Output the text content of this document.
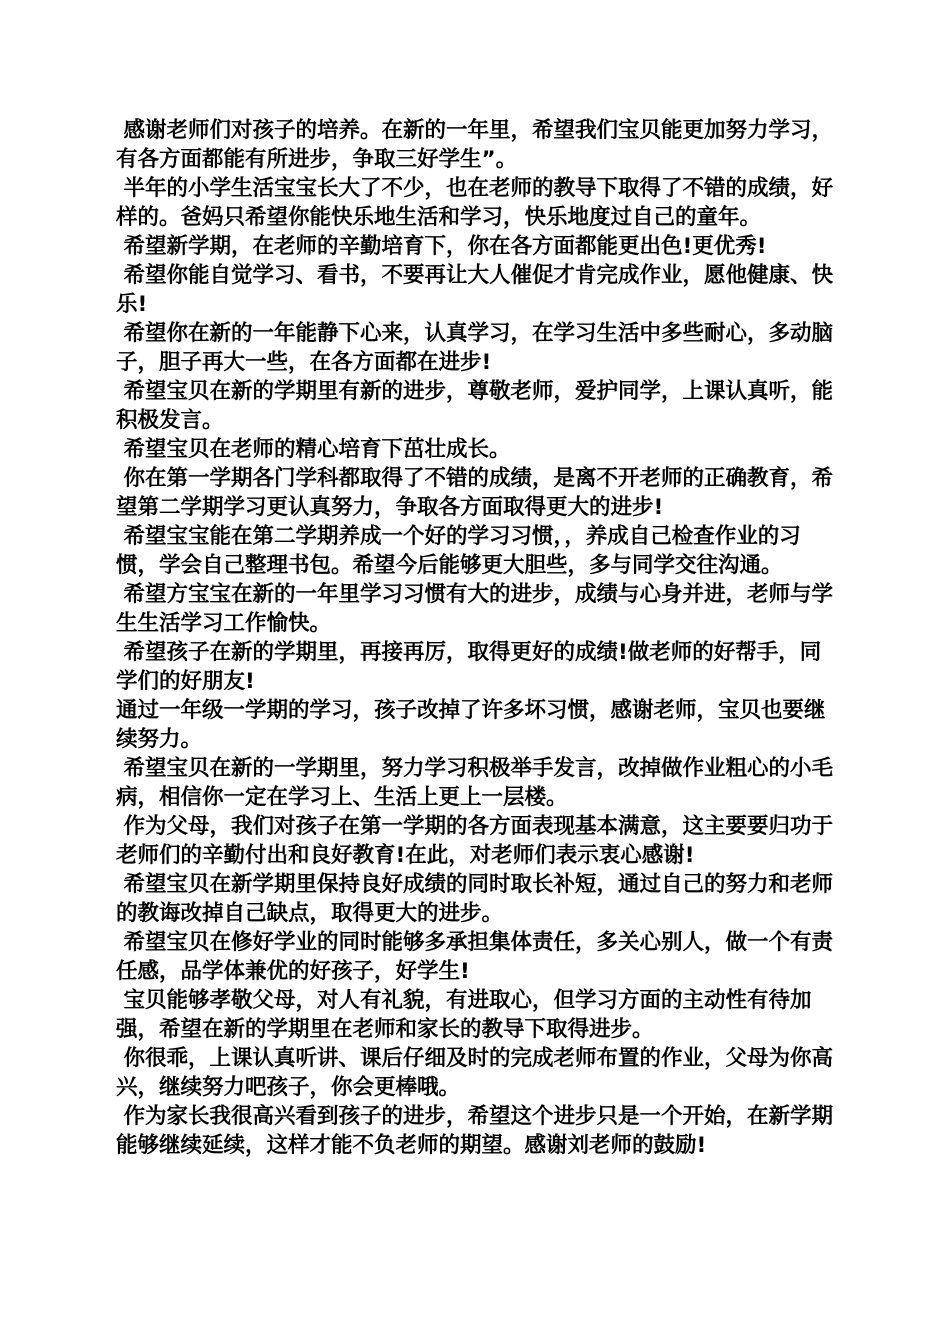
感谢老师们对孩子的培养。在新的一年里，希望我们宝贝能更加努力学习，有各方面都能有所进步，争取三好学生”。

半年的小学生活宝宝长大了不少，也在老师的教导下取得了不错的成绩，好样的。爸妈只希望你能快乐地生活和学习，快乐地度过自己的童年。

希望新学期，在老师的辛勤培育下，你在各方面都能更出色!更优秀!

希望你能自觉学习、看书，不要再让大人催促才肯完成作业，愿他健康、快乐!

希望你在新的一年能静下心来，认真学习，在学习生活中多些耐心，多动脑子，胆子再大一些，在各方面都在进步!

希望宝贝在新的学期里有新的进步，尊敬老师，爱护同学，上课认真听，能积极发言。

希望宝贝在老师的精心培育下茁壮成长。

你在第一学期各门学科都取得了不错的成绩，是离不开老师的正确教育，希望第二学期学习更认真努力，争取各方面取得更大的进步!

希望宝宝能在第二学期养成一个好的学习习惯，，养成自己检查作业的习惯，学会自己整理书包。希望今后能够更大胆些，多与同学交往沟通。

希望方宝宝在新的一年里学习习惯有大的进步，成绩与心身并进，老师与学生生活学习工作愉快。

希望孩子在新的学期里，再接再厉，取得更好的成绩!做老师的好帮手，同学们的好朋友!

通过一年级一学期的学习，孩子改掉了许多坏习惯，感谢老师，宝贝也要继续努力。

希望宝贝在新的一学期里，努力学习积极举手发言，改掉做作业粗心的小毛病，相信你一定在学习上、生活上更上一层楼。

作为父母，我们对孩子在第一学期的各方面表现基本满意，这主要要归功于老师们的辛勤付出和良好教育!在此，对老师们表示衷心感谢!

希望宝贝在新学期里保持良好成绩的同时取长补短，通过自己的努力和老师的教诲改掉自己缺点，取得更大的进步。

希望宝贝在修好学业的同时能够多承担集体责任，多关心别人，做一个有责任感，品学体兼优的好孩子，好学生!

宝贝能够孝敬父母，对人有礼貌，有进取心，但学习方面的主动性有待加强，希望在新的学期里在老师和家长的教导下取得进步。

你很乖，上课认真听讲、课后仔细及时的完成老师布置的作业，父母为你高兴，继续努力吧孩子，你会更棒哦。

作为家长我很高兴看到孩子的进步，希望这个进步只是一个开始，在新学期能够继续延续，这样才能不负老师的期望。感谢刘老师的鼓励!
